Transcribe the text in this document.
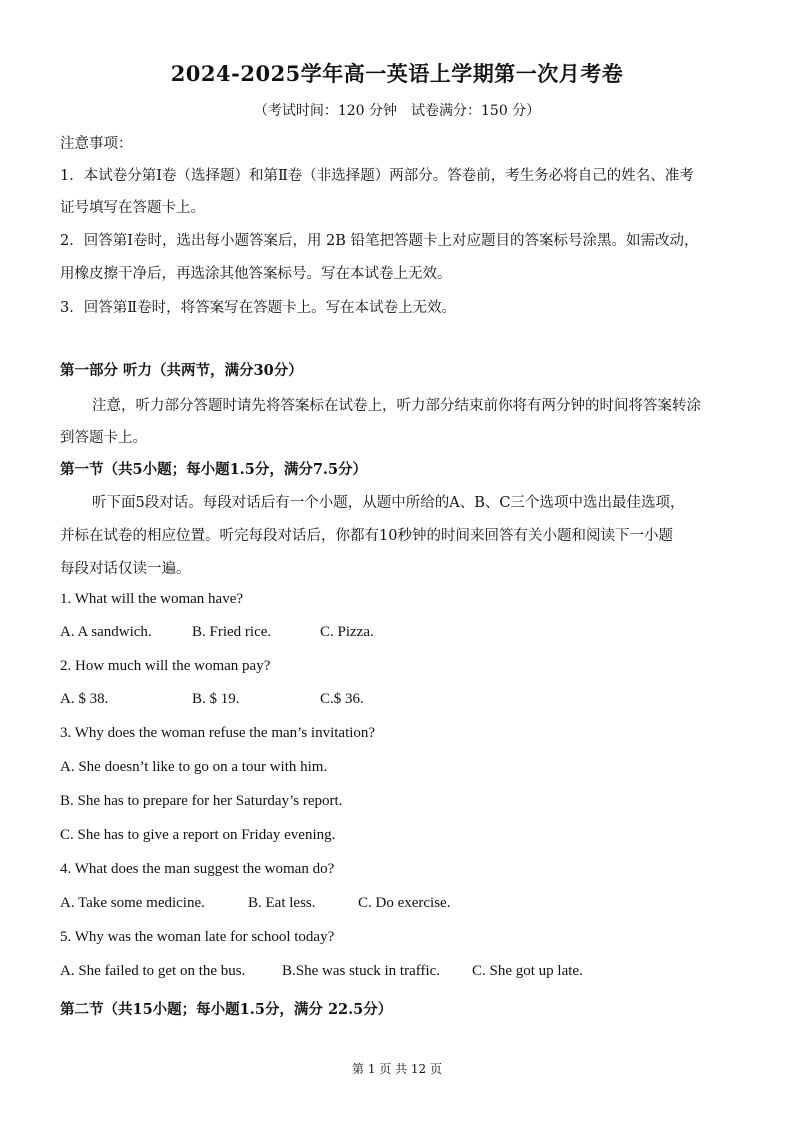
2024-2025学年高一英语上学期第一次月考卷
（考试时间：120 分钟　试卷满分：150 分）
注意事项：
1．本试卷分第Ⅰ卷（选择题）和第Ⅱ卷（非选择题）两部分。答卷前，考生务必将自己的姓名、准考
证号填写在答题卡上。
2．回答第Ⅰ卷时，选出每小题答案后，用 2B 铅笔把答题卡上对应题目的答案标号涂黑。如需改动，
用橡皮擦干净后，再选涂其他答案标号。写在本试卷上无效。
3．回答第Ⅱ卷时，将答案写在答题卡上。写在本试卷上无效。
第一部分 听力（共两节，满分30分）
注意，听力部分答题时请先将答案标在试卷上，听力部分结束前你将有两分钟的时间将答案转涂
到答题卡上。
第一节（共5小题；每小题1.5分，满分7.5分）
听下面5段对话。每段对话后有一个小题，从题中所给的A、B、C三个选项中选出最佳选项，
并标在试卷的相应位置。听完每段对话后，你都有10秒钟的时间来回答有关小题和阅读下一小题
每段对话仅读一遍。
1. What will the woman have?
A. A sandwich.	B. Fried rice.	C. Pizza.
2. How much will the woman pay?
A. $ 38.	B. $ 19.	C.$ 36.
3. Why does the woman refuse the man’s invitation?
A. She doesn’t like to go on a tour with him.
B. She has to prepare for her Saturday’s report.
C. She has to give a report on Friday evening.
4. What does the man suggest the woman do?
A. Take some medicine.	B. Eat less.	C. Do exercise.
5. Why was the woman late for school today?
A. She failed to get on the bus. B.She was stuck in traffic. C. She got up late.
第二节（共15小题；每小题1.5分，满分 22.5分）
第 1 页 共 12 页
